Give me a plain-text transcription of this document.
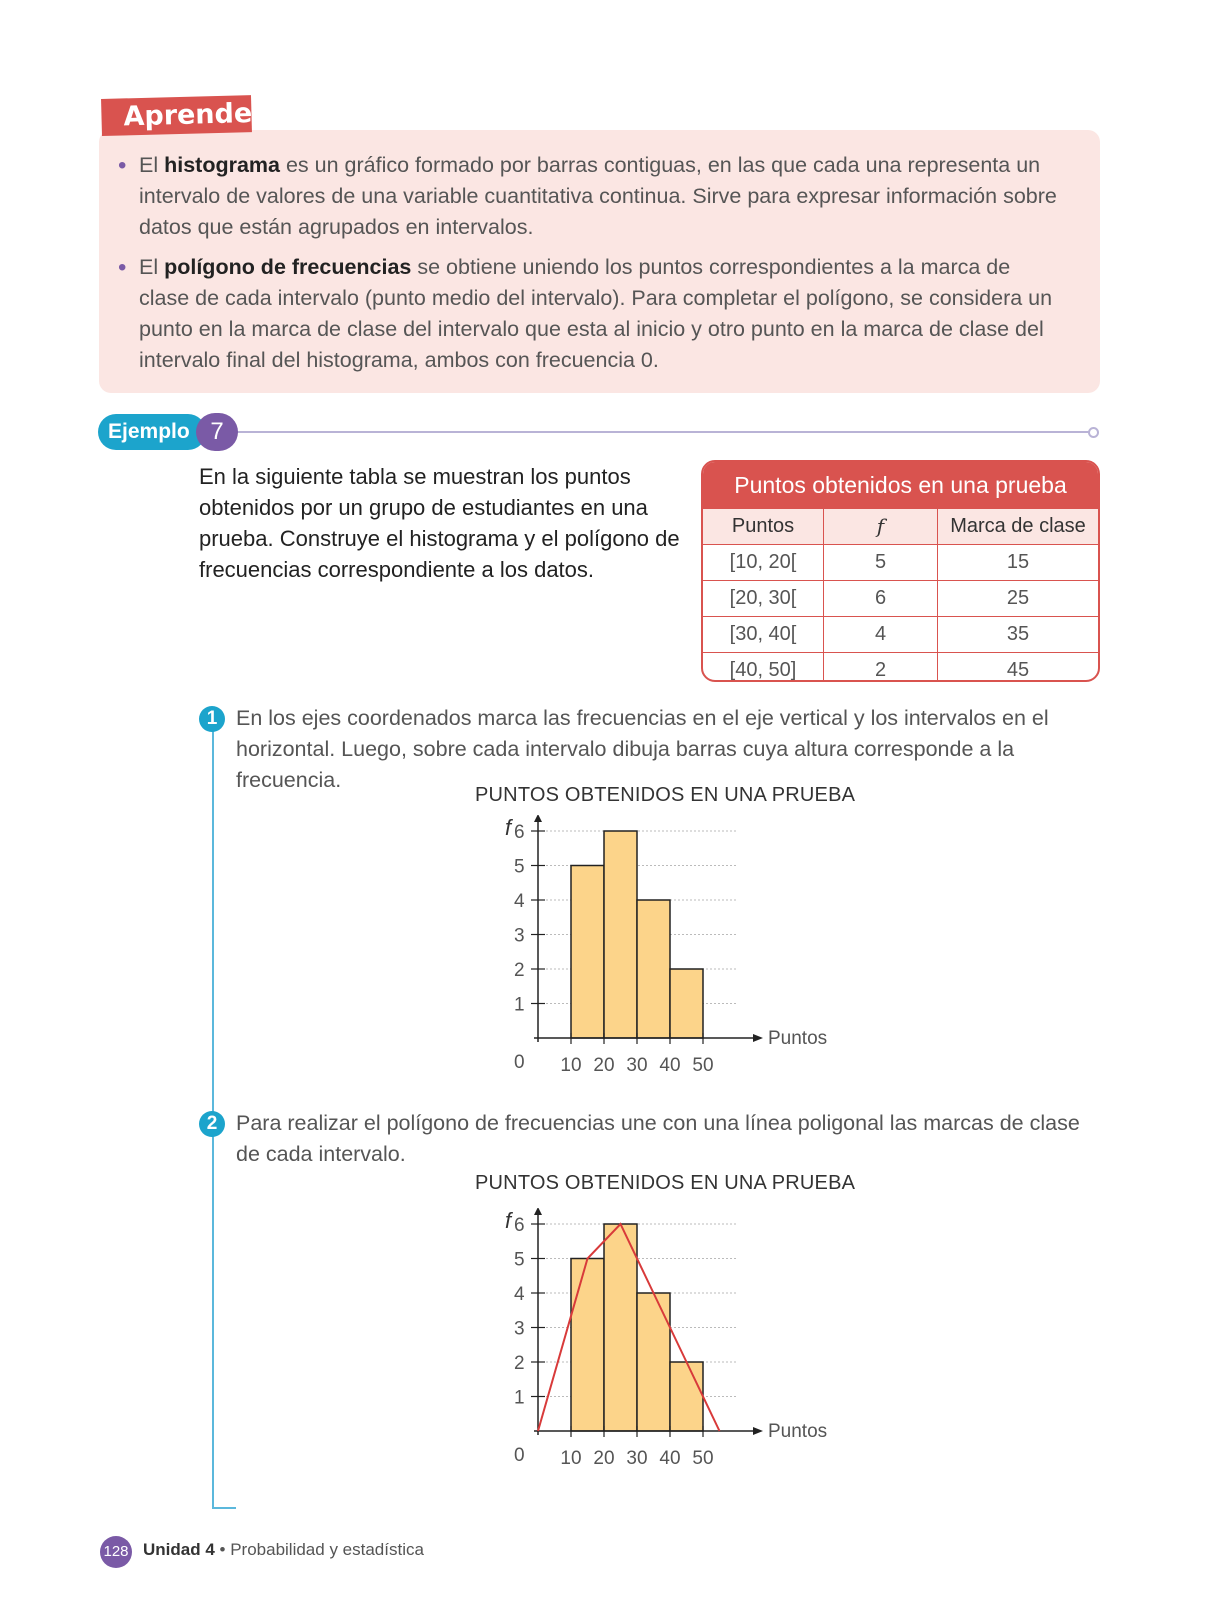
• El histograma es un gráfico formado por barras contiguas, en las que cada una representa un intervalo de valores de una variable cuantitativa continua. Sirve para expresar información sobre datos que están agrupados en intervalos.
• El polígono de frecuencias se obtiene uniendo los puntos correspondientes a la marca de clase de cada intervalo (punto medio del intervalo). Para completar el polígono, se considera un punto en la marca de clase del intervalo que esta al inicio y otro punto en la marca de clase del intervalo final del histograma, ambos con frecuencia 0.
Aprende
Ejemplo 7
En la siguiente tabla se muestran los puntos obtenidos por un grupo de estudiantes en una prueba. Construye el histograma y el polígono de frecuencias correspondiente a los datos.
Puntos obtenidos en una prueba
Puntos	f	Marca de clase
[10, 20[	5	15
[20, 30[	6	25
[30, 40[	4	35
[40, 50]	2	45
1 En los ejes coordenados marca las frecuencias en el eje vertical y los intervalos en el horizontal. Luego, sobre cada intervalo dibuja barras cuya altura corresponde a la frecuencia.
PUNTOS OBTENIDOS EN UNA PRUEBA
0
1
2
3
4
5
6
10 20 30 40 50
f
Puntos
2 Para realizar el polígono de frecuencias une con una línea poligonal las marcas de clase de cada intervalo.
PUNTOS OBTENIDOS EN UNA PRUEBA
0
1
2
3
4
5
6
10 20 30 40 50
f
Puntos
128 Unidad 4 • Probabilidad y estadística
